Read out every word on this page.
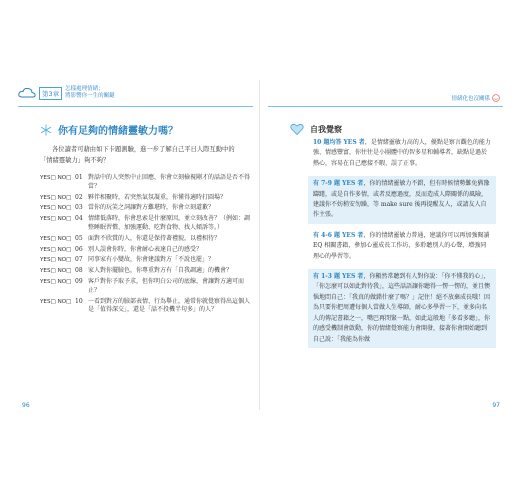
第3章
怎樣處理情緒；
將影響你一生的關鍵
你有足夠的情緒靈敏力嗎？
各位讀者可藉由如下卡題測驗，進一步了解自己平日人際互動中的「情緒靈敏力」夠不夠？
YES□ NO□ 01 對話中的人突然中止回應，你會立刻檢視剛才的話語是否不得當？
YES□ NO□ 02 夥伴相聚時，若突然氣氛凝重，你懂得適時打圓場？
YES□ NO□ 03 當你的玩笑之詞讓對方難堪時，你會立刻道歉？
YES□ NO□ 04 情緒低落時，你會思索是什麼原因，並立刻改善？（例如：調整睡眠習慣、加強運動、吃對食物、找人傾訴等。）
YES□ NO□ 05 面對不欣賞的人，你還是保持著禮貌，以禮相待？
YES□ NO□ 06 別人誤會你時，你會耐心表達自己的感受？
YES□ NO□ 07 同事家有小變故，你會建議對方「不說也罷」？
YES□ NO□ 08 家人對你擺臉色，你專重對方有「自我調適」的機會？
YES□ NO□ 09 客戶對你予取予求，但你明白公司的底線，會讓對方適可而止？
YES□ NO□ 10 一看到對方的臉部表情、行為舉止，通常你就覺察得出這個人是「值得深交」，還是「話不投機半句多」的人？
96
情緒化也沒關係
自我覺察
10 題均答 YES 者，是情緒靈敏力高的人，優點是察言觀色的能力強、情感豐富，你往往是小團體中的智多星和輔導者，缺點是過於熱心，容易在自己應接不暇、誤了正事。
有 7-9 題 YES 者，你的情緒靈敏力不錯，但有時候情勢難免猶豫躊躇，或是自作多情，或者反應過度，反而造成人際關係的風險，建議你不妨稍安勿躁，等 make sure 後再提醒友人，或請友人自作主張。
有 4-6 題 YES 者，你的情緒靈敏力普通，建議你可以再加強閱讀 EQ 相關書籍，參加心靈成長工作坊，多聆聽別人的心聲，增強同理心的學習等。
有 1-3 題 YES 者，你顯然常聽到有人對你說：「你不懂我的心」，「你怎麼可以如此對待我」，這些話語讓你聽得一愣一愣的，並且懊惱地問自己：「我真的做錯什麼了嗎？」記住！絕不放棄成長哦！因為只要你把周遭每個人當做人生導師，耐心多學習一下，並多向名人的傳記書籍之一，嘴巴再閉緊一點，如此這般地「多看多聽」，你的感受機制會啟動，你的情緒覺察能力會開發，接著你會開始聽到自己說：「我能為你做
97
